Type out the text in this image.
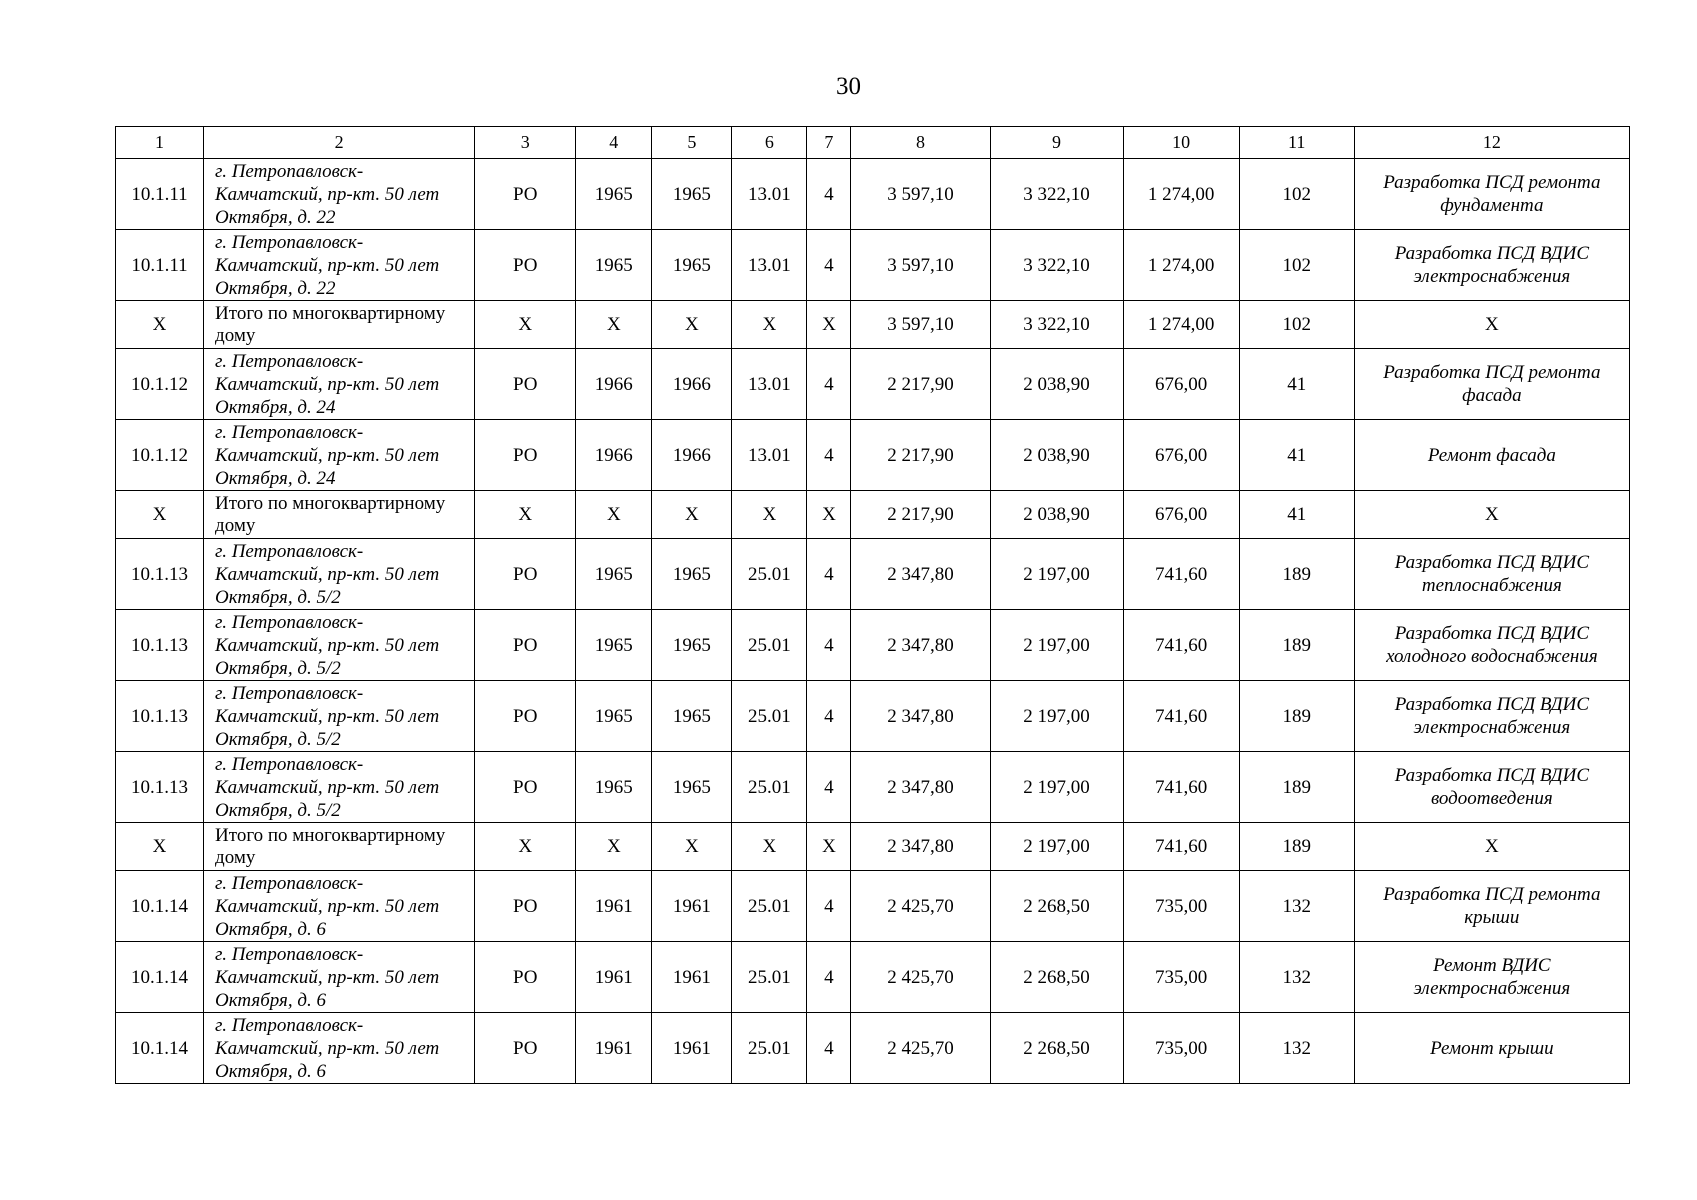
30
1	2	3	4	5	6	7	8	9	10	11	12
10.1.11	г. Петропавловск-Камчатский, пр-кт. 50 лет Октября, д. 22	РО	1965	1965	13.01	4	3 597,10	3 322,10	1 274,00	102	Разработка ПСД ремонта фундамента
10.1.11	г. Петропавловск-Камчатский, пр-кт. 50 лет Октября, д. 22	РО	1965	1965	13.01	4	3 597,10	3 322,10	1 274,00	102	Разработка ПСД ВДИС электроснабжения
X	Итого по многоквартирному дому	X	X	X	X	X	3 597,10	3 322,10	1 274,00	102	X
10.1.12	г. Петропавловск-Камчатский, пр-кт. 50 лет Октября, д. 24	РО	1966	1966	13.01	4	2 217,90	2 038,90	676,00	41	Разработка ПСД ремонта фасада
10.1.12	г. Петропавловск-Камчатский, пр-кт. 50 лет Октября, д. 24	РО	1966	1966	13.01	4	2 217,90	2 038,90	676,00	41	Ремонт фасада
X	Итого по многоквартирному дому	X	X	X	X	X	2 217,90	2 038,90	676,00	41	X
10.1.13	г. Петропавловск-Камчатский, пр-кт. 50 лет Октября, д. 5/2	РО	1965	1965	25.01	4	2 347,80	2 197,00	741,60	189	Разработка ПСД ВДИС теплоснабжения
10.1.13	г. Петропавловск-Камчатский, пр-кт. 50 лет Октября, д. 5/2	РО	1965	1965	25.01	4	2 347,80	2 197,00	741,60	189	Разработка ПСД ВДИС холодного водоснабжения
10.1.13	г. Петропавловск-Камчатский, пр-кт. 50 лет Октября, д. 5/2	РО	1965	1965	25.01	4	2 347,80	2 197,00	741,60	189	Разработка ПСД ВДИС электроснабжения
10.1.13	г. Петропавловск-Камчатский, пр-кт. 50 лет Октября, д. 5/2	РО	1965	1965	25.01	4	2 347,80	2 197,00	741,60	189	Разработка ПСД ВДИС водоотведения
X	Итого по многоквартирному дому	X	X	X	X	X	2 347,80	2 197,00	741,60	189	X
10.1.14	г. Петропавловск-Камчатский, пр-кт. 50 лет Октября, д. 6	РО	1961	1961	25.01	4	2 425,70	2 268,50	735,00	132	Разработка ПСД ремонта крыши
10.1.14	г. Петропавловск-Камчатский, пр-кт. 50 лет Октября, д. 6	РО	1961	1961	25.01	4	2 425,70	2 268,50	735,00	132	Ремонт ВДИС электроснабжения
10.1.14	г. Петропавловск-Камчатский, пр-кт. 50 лет Октября, д. 6	РО	1961	1961	25.01	4	2 425,70	2 268,50	735,00	132	Ремонт крыши
